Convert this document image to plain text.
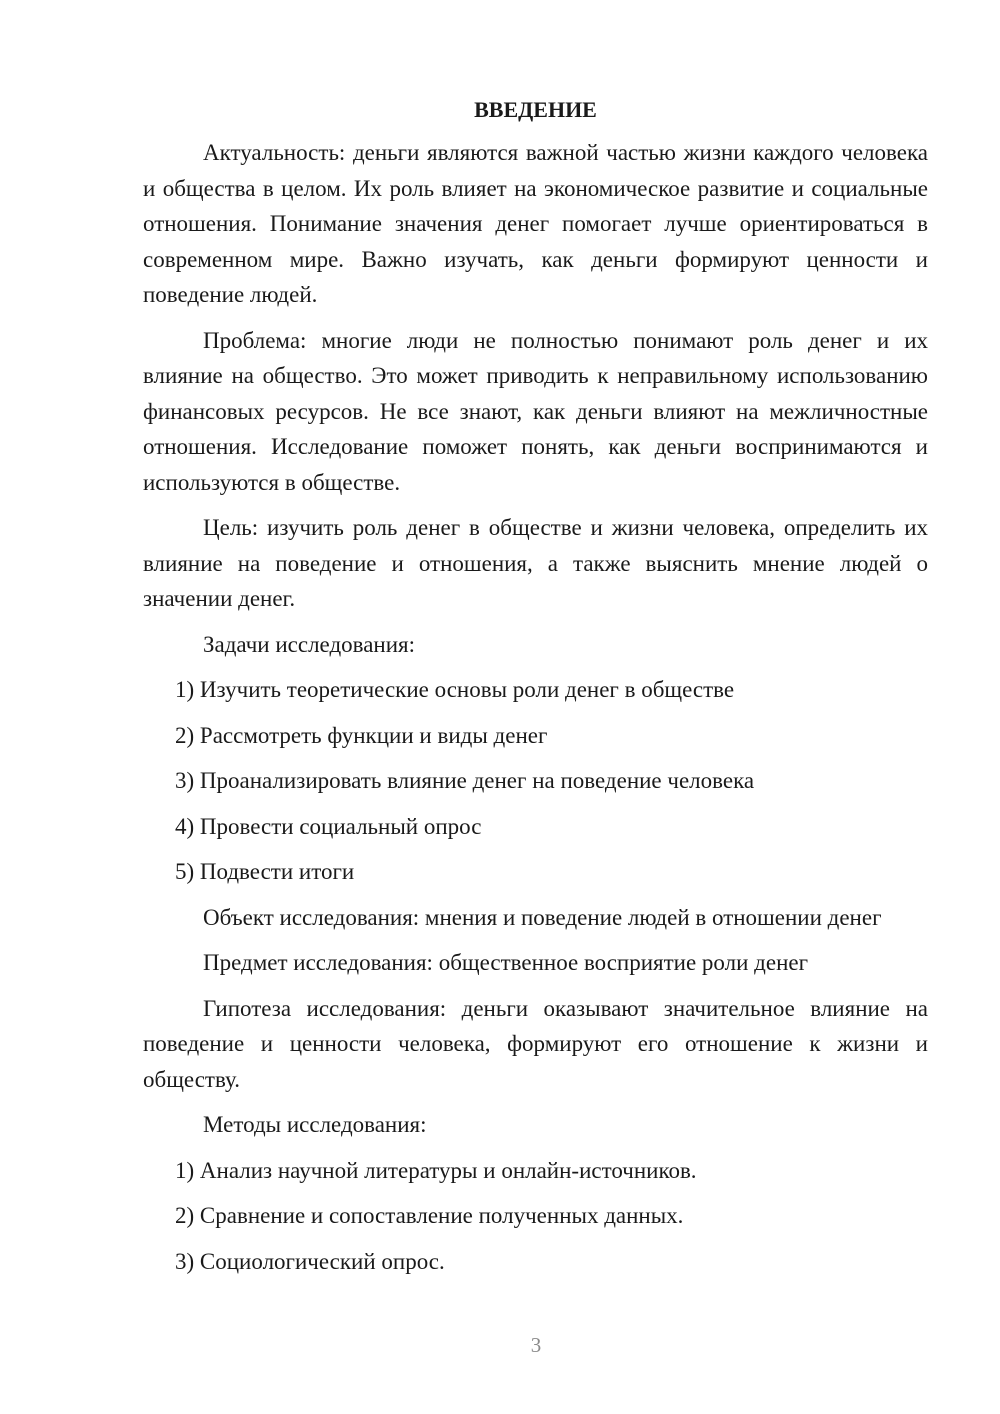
ВВЕДЕНИЕ
Актуальность: деньги являются важной частью жизни каждого человека и общества в целом. Их роль влияет на экономическое развитие и социальные отношения. Понимание значения денег помогает лучше ориентироваться в современном мире. Важно изучать, как деньги формируют ценности и поведение людей.
Проблема: многие люди не полностью понимают роль денег и их влияние на общество. Это может приводить к неправильному использованию финансовых ресурсов. Не все знают, как деньги влияют на межличностные отношения. Исследование поможет понять, как деньги воспринимаются и используются в обществе.
Цель: изучить роль денег в обществе и жизни человека, определить их влияние на поведение и отношения, а также выяснить мнение людей о значении денег.
Задачи исследования:
1) Изучить теоретические основы роли денег в обществе
2) Рассмотреть функции и виды денег
3) Проанализировать влияние денег на поведение человека
4) Провести социальный опрос
5) Подвести итоги
Объект исследования: мнения и поведение людей в отношении денег
Предмет исследования: общественное восприятие роли денег
Гипотеза исследования: деньги оказывают значительное влияние на поведение и ценности человека, формируют его отношение к жизни и обществу.
Методы исследования:
1) Анализ научной литературы и онлайн-источников.
2) Сравнение и сопоставление полученных данных.
3) Социологический опрос.
3
